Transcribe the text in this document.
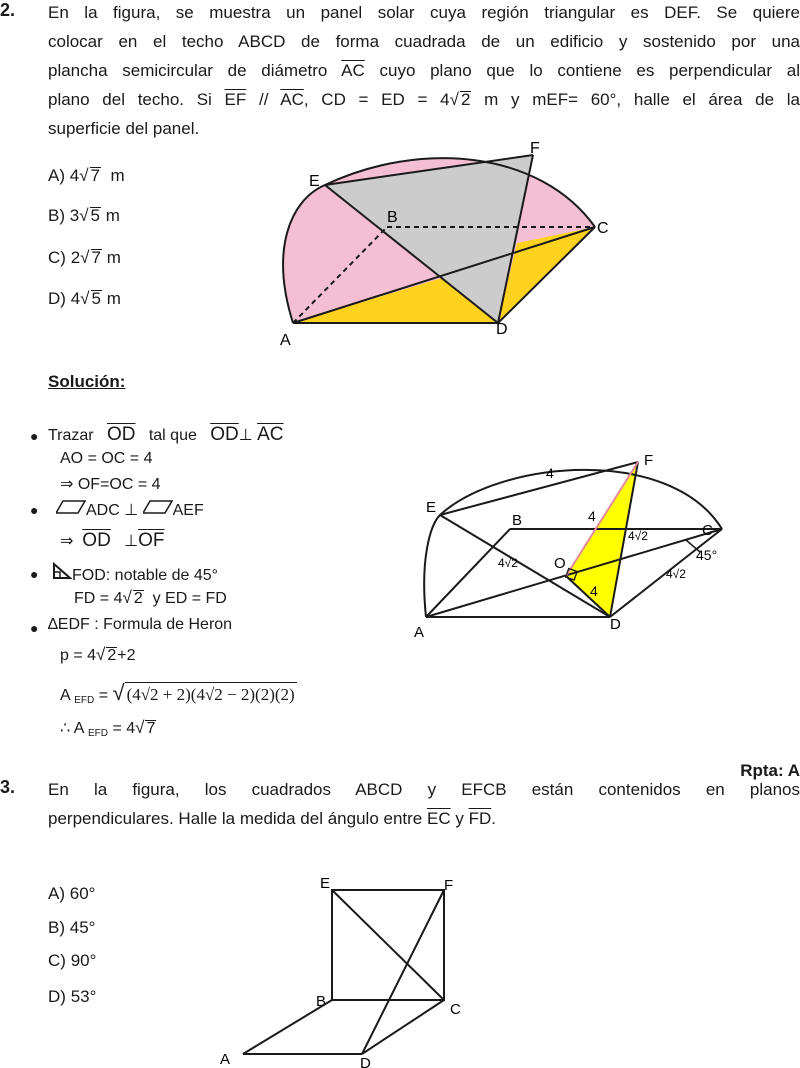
2. En la figura, se muestra un panel solar cuya región triangular es DEF. Se quiere
colocar en el techo ABCD de forma cuadrada de un edificio y sostenido por una
plancha semicircular de diámetro $\overline{AC}$ cuyo plano que lo contiene es perpendicular al
plano del techo. Si $\overline{EF} // \overline{AC}$, CD = ED = 4√ 2 m y mEF= 60°, halle el área de la
superficie del panel.
A) 4√ 7 m
B) 3√ 5 m
C) 2√ 7 m
D) 4√ 5 m
A
B
C
D
E
F
Solución:
● Trazar $\overline{OD}$ tal que $\overline{OD}\perp$ $\overline{AC}$
AO = OC = 4
⇒ OF=OC = 4
●	ADC ⊥ AEF
⇒ $\overline{OD}$ $\perp\overline{OF}$
●	FOD: notable de 45°
FD = 4√ 2 y ED = FD
● ∆EDF : Formula de Heron
p = 4√ 2+2
A $_{EFD}$ = √ (4√2 + 2)(4√2 − 2)(2)(2)
∴ A $_{EFD}$ = 4√ 7
A
B
C
D
E
F
O
4
4
4
4√2
4√2
4√2
45°
Rpta: A
3. En la figura, los cuadrados ABCD y EFCB están contenidos en planos
perpendiculares. Halle la medida del ángulo entre $\overline{EC}$ y $\overline{FD}$.
A) 60°
B) 45°
C) 90°
D) 53°
A
B	C
D
E	F
